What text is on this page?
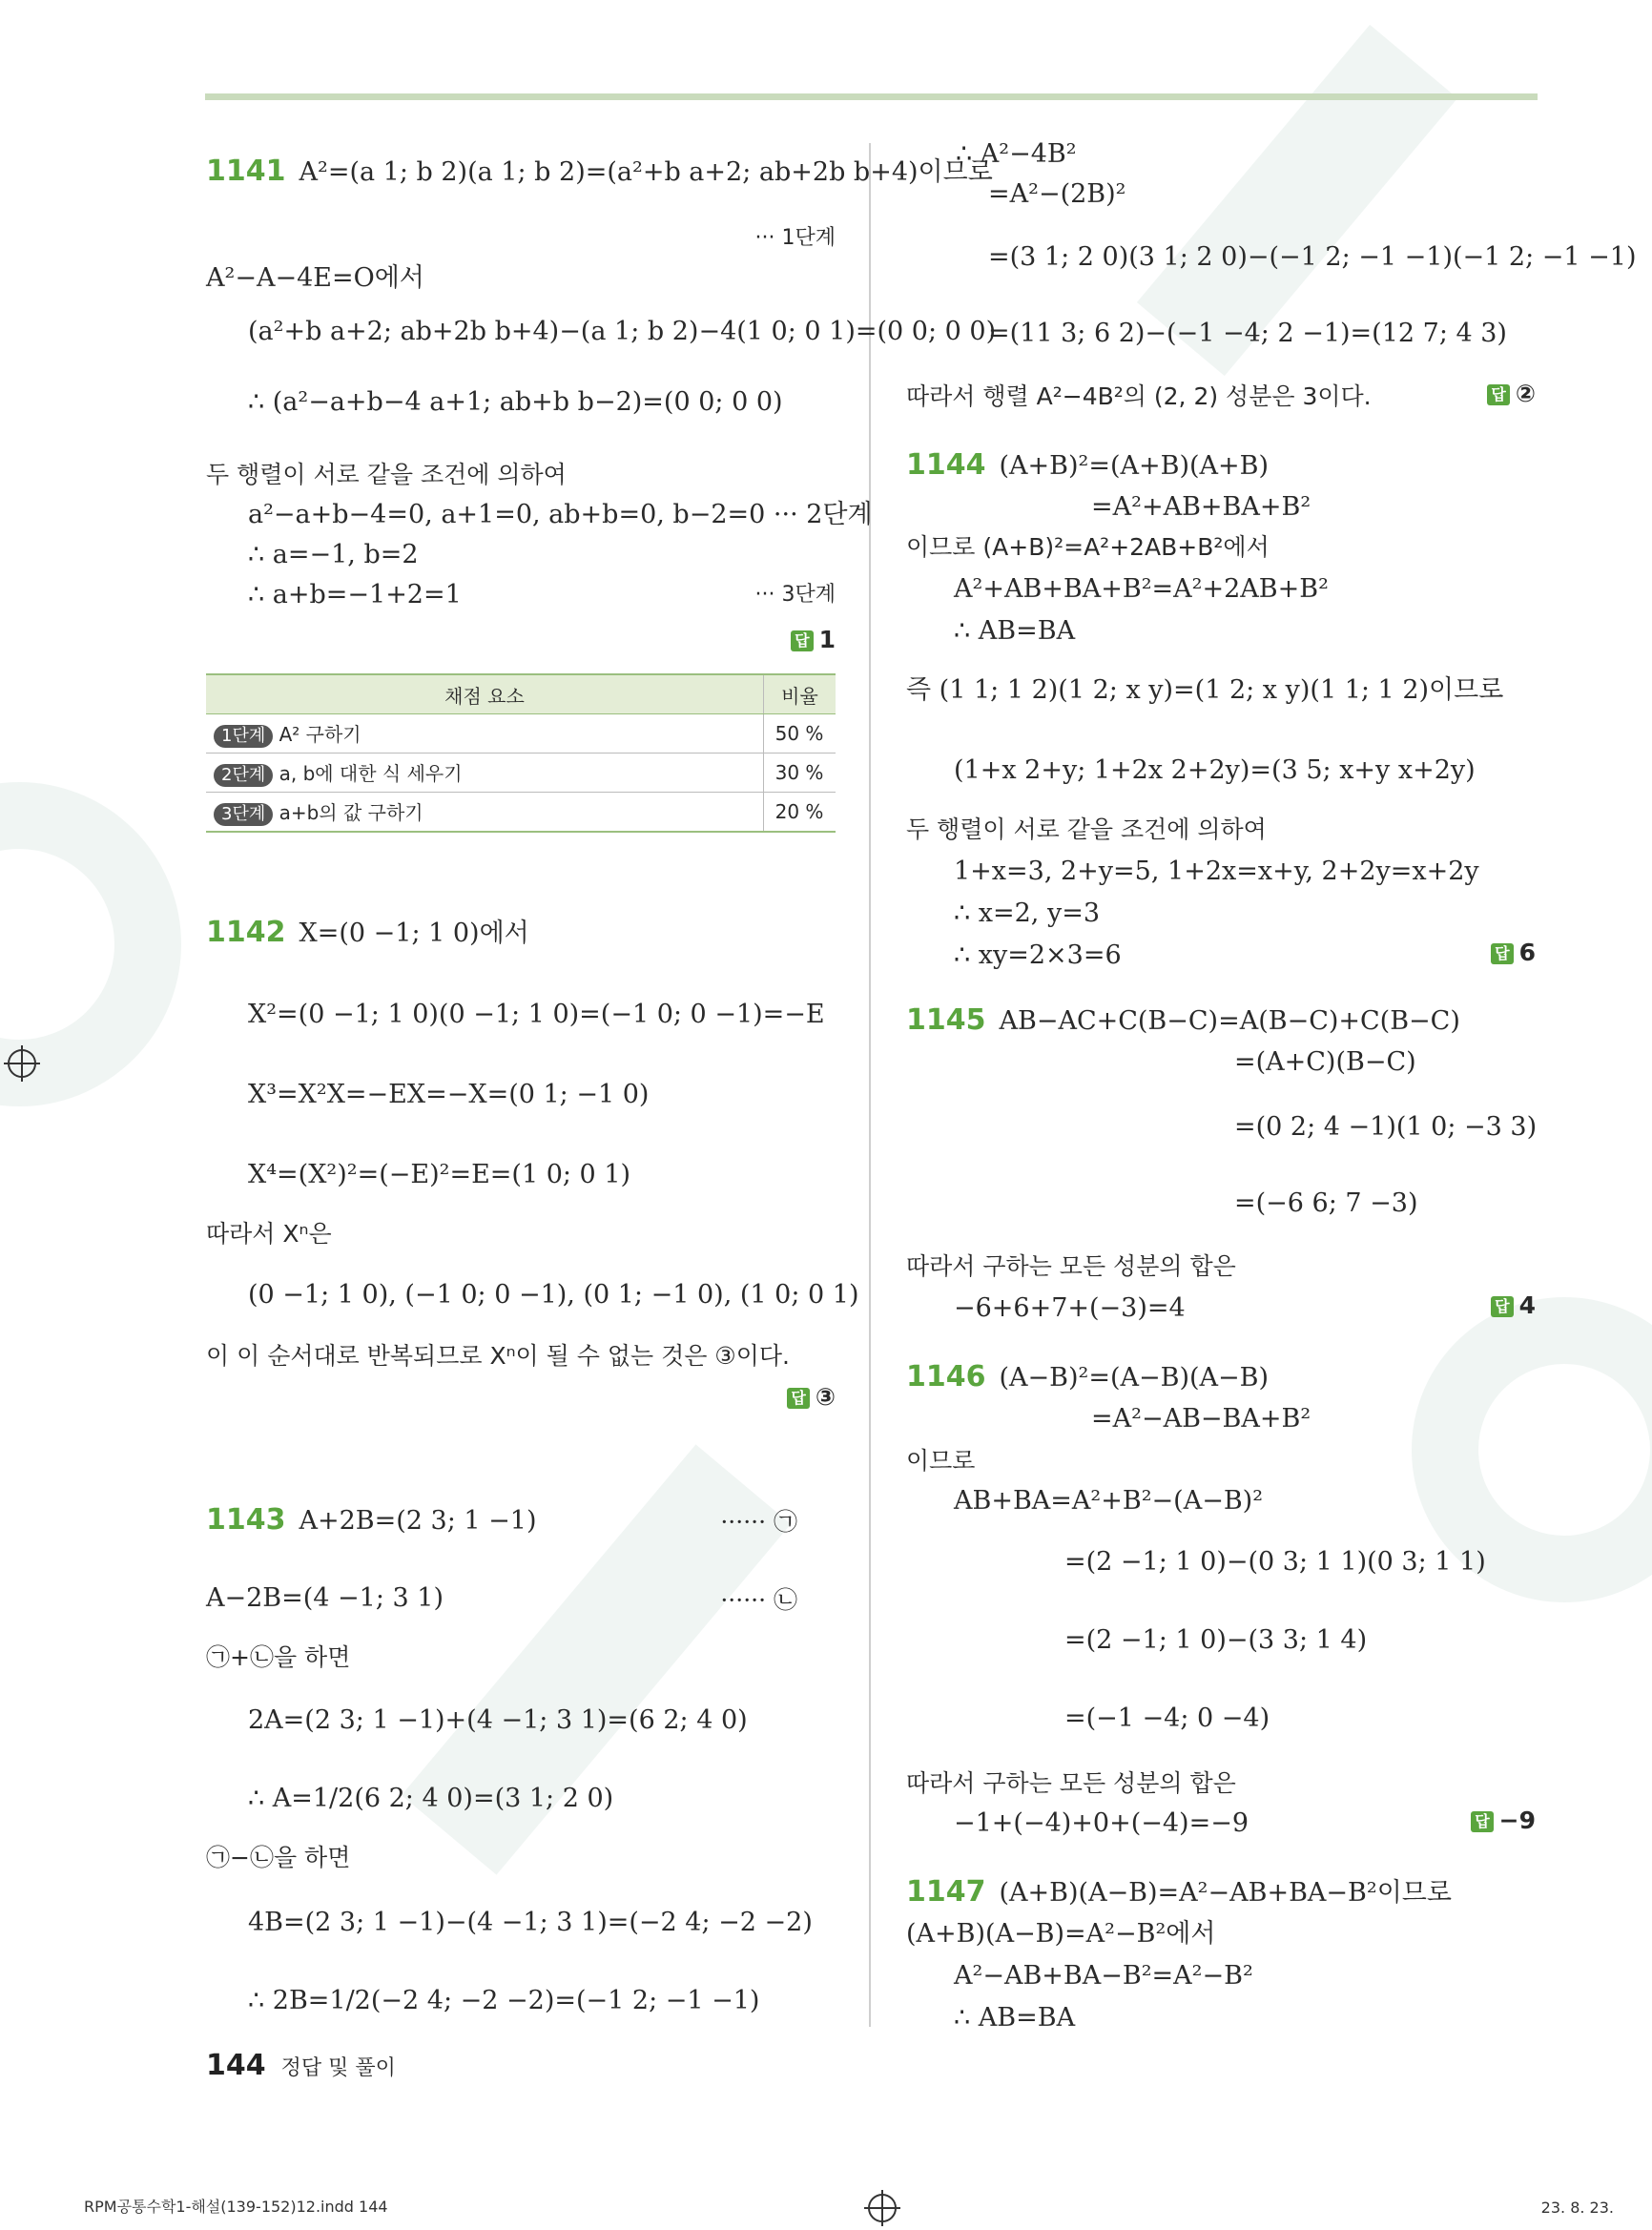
1141 A²=(a 1; b 2)(a 1; b 2)=(a²+b a+2; ab+2b b+4)이므로
··· 1단계
A²−A−4E=O에서
(a²+b a+2; ab+2b b+4)−(a 1; b 2)−4(1 0; 0 1)=(0 0; 0 0)
∴ (a²−a+b−4 a+1; ab+b b−2)=(0 0; 0 0)
두 행렬이 서로 같을 조건에 의하여
a²−a+b−4=0, a+1=0, ab+b=0, b−2=0 ··· 2단계
∴ a=−1, b=2
∴ a+b=−1+2=1	··· 3단계
답 1
채점 요소	비율
1단계 A² 구하기	50 %
2단계 a, b에 대한 식 세우기	30 %
3단계 a+b의 값 구하기	20 %
1142 X=(0 −1; 1 0)에서
X²=(0 −1; 1 0)(0 −1; 1 0)=(−1 0; 0 −1)=−E
X³=X²X=−EX=−X=(0 1; −1 0)
X⁴=(X²)²=(−E)²=E=(1 0; 0 1)
따라서 Xⁿ은
(0 −1; 1 0), (−1 0; 0 −1), (0 1; −1 0), (1 0; 0 1)
이 이 순서대로 반복되므로 Xⁿ이 될 수 없는 것은 ③이다.
답 ③
1143 A+2B=(2 3; 1 −1)	······ ㉠
A−2B=(4 −1; 3 1)	······ ㉡
㉠+㉡을 하면
2A=(2 3; 1 −1)+(4 −1; 3 1)=(6 2; 4 0)
∴ A=1/2(6 2; 4 0)=(3 1; 2 0)
㉠−㉡을 하면
4B=(2 3; 1 −1)−(4 −1; 3 1)=(−2 4; −2 −2)
∴ 2B=1/2(−2 4; −2 −2)=(−1 2; −1 −1)
∴ A²−4B²
=A²−(2B)²
=(3 1; 2 0)(3 1; 2 0)−(−1 2; −1 −1)(−1 2; −1 −1)
=(11 3; 6 2)−(−1 −4; 2 −1)=(12 7; 4 3)
따라서 행렬 A²−4B²의 (2, 2) 성분은 3이다.	답 ②
1144 (A+B)²=(A+B)(A+B)
=A²+AB+BA+B²
이므로 (A+B)²=A²+2AB+B²에서
A²+AB+BA+B²=A²+2AB+B²
∴ AB=BA
즉 (1 1; 1 2)(1 2; x y)=(1 2; x y)(1 1; 1 2)이므로
(1+x 2+y; 1+2x 2+2y)=(3 5; x+y x+2y)
두 행렬이 서로 같을 조건에 의하여
1+x=3, 2+y=5, 1+2x=x+y, 2+2y=x+2y
∴ x=2, y=3
∴ xy=2×3=6	답 6
1145 AB−AC+C(B−C)=A(B−C)+C(B−C)
=(A+C)(B−C)
=(0 2; 4 −1)(1 0; −3 3)
=(−6 6; 7 −3)
따라서 구하는 모든 성분의 합은
−6+6+7+(−3)=4	답 4
1146 (A−B)²=(A−B)(A−B)
=A²−AB−BA+B²
이므로
AB+BA=A²+B²−(A−B)²
=(2 −1; 1 0)−(0 3; 1 1)(0 3; 1 1)
=(2 −1; 1 0)−(3 3; 1 4)
=(−1 −4; 0 −4)
따라서 구하는 모든 성분의 합은
−1+(−4)+0+(−4)=−9	답 −9
1147 (A+B)(A−B)=A²−AB+BA−B²이므로
(A+B)(A−B)=A²−B²에서
A²−AB+BA−B²=A²−B²
∴ AB=BA
144 정답 및 풀이
RPM공통수학1-해설(139-152)12.indd 144	23. 8. 23.
